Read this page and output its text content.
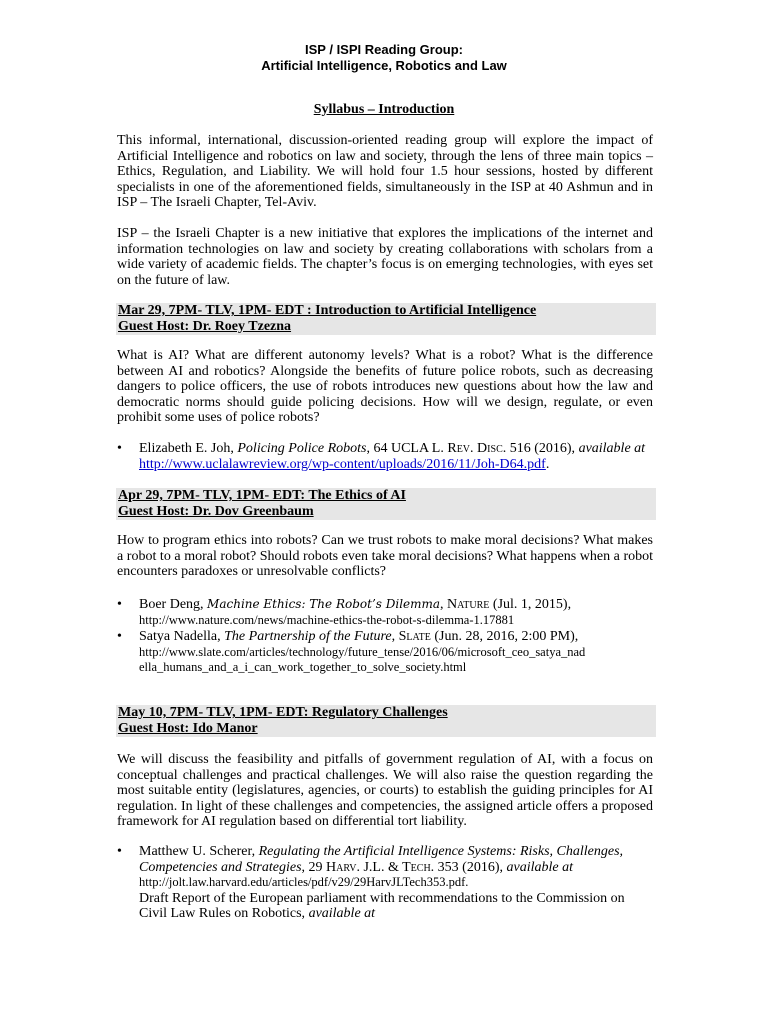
ISP / ISPI Reading Group:
Artificial Intelligence, Robotics and Law
Syllabus – Introduction

This informal, international, discussion-oriented reading group will explore the impact of Artificial Intelligence and robotics on law and society, through the lens of three main topics – Ethics, Regulation, and Liability. We will hold four 1.5 hour sessions, hosted by different specialists in one of the aforementioned fields, simultaneously in the ISP at 40 Ashmun and in ISP – The Israeli Chapter, Tel-Aviv.

ISP – the Israeli Chapter is a new initiative that explores the implications of the internet and information technologies on law and society by creating collaborations with scholars from a wide variety of academic fields. The chapter’s focus is on emerging technologies, with eyes set on the future of law.

Mar 29, 7PM- TLV, 1PM- EDT : Introduction to Artificial Intelligence
Guest Host: Dr. Roey Tzezna

What is AI? What are different autonomy levels? What is a robot? What is the difference between AI and robotics? Alongside the benefits of future police robots, such as decreasing dangers to police officers, the use of robots introduces new questions about how the law and democratic norms should guide policing decisions. How will we design, regulate, or even prohibit some uses of police robots?

• Elizabeth E. Joh, Policing Police Robots, 64 UCLA L. Rev. Disc. 516 (2016), available at
http://www.uclalawreview.org/wp-content/uploads/2016/11/Joh-D64.pdf.
Apr 29, 7PM- TLV, 1PM- EDT: The Ethics of AI
Guest Host: Dr. Dov Greenbaum

How to program ethics into robots? Can we trust robots to make moral decisions? What makes a robot to a moral robot? Should robots even take moral decisions? What happens when a robot encounters paradoxes or unresolvable conflicts?

• Boer Deng, Machine Ethics: The Robot’s Dilemma, Nature (Jul. 1, 2015),
http://www.nature.com/news/machine-ethics-the-robot-s-dilemma-1.17881
• Satya Nadella, The Partnership of the Future, Slate (Jun. 28, 2016, 2:00 PM),
http://www.slate.com/articles/technology/future_tense/2016/06/microsoft_ceo_satya_nad
ella_humans_and_a_i_can_work_together_to_solve_society.html
May 10, 7PM- TLV, 1PM- EDT: Regulatory Challenges
Guest Host: Ido Manor

We will discuss the feasibility and pitfalls of government regulation of AI, with a focus on conceptual challenges and practical challenges. We will also raise the question regarding the most suitable entity (legislatures, agencies, or courts) to establish the guiding principles for AI regulation. In light of these challenges and competencies, the assigned article offers a proposed framework for AI regulation based on differential tort liability.

• Matthew U. Scherer, Regulating the Artificial Intelligence Systems: Risks, Challenges,
Competencies and Strategies, 29 Harv. J.L. & Tech. 353 (2016), available at
http://jolt.law.harvard.edu/articles/pdf/v29/29HarvJLTech353.pdf.
Draft Report of the European parliament with recommendations to the Commission on
Civil Law Rules on Robotics, available at
